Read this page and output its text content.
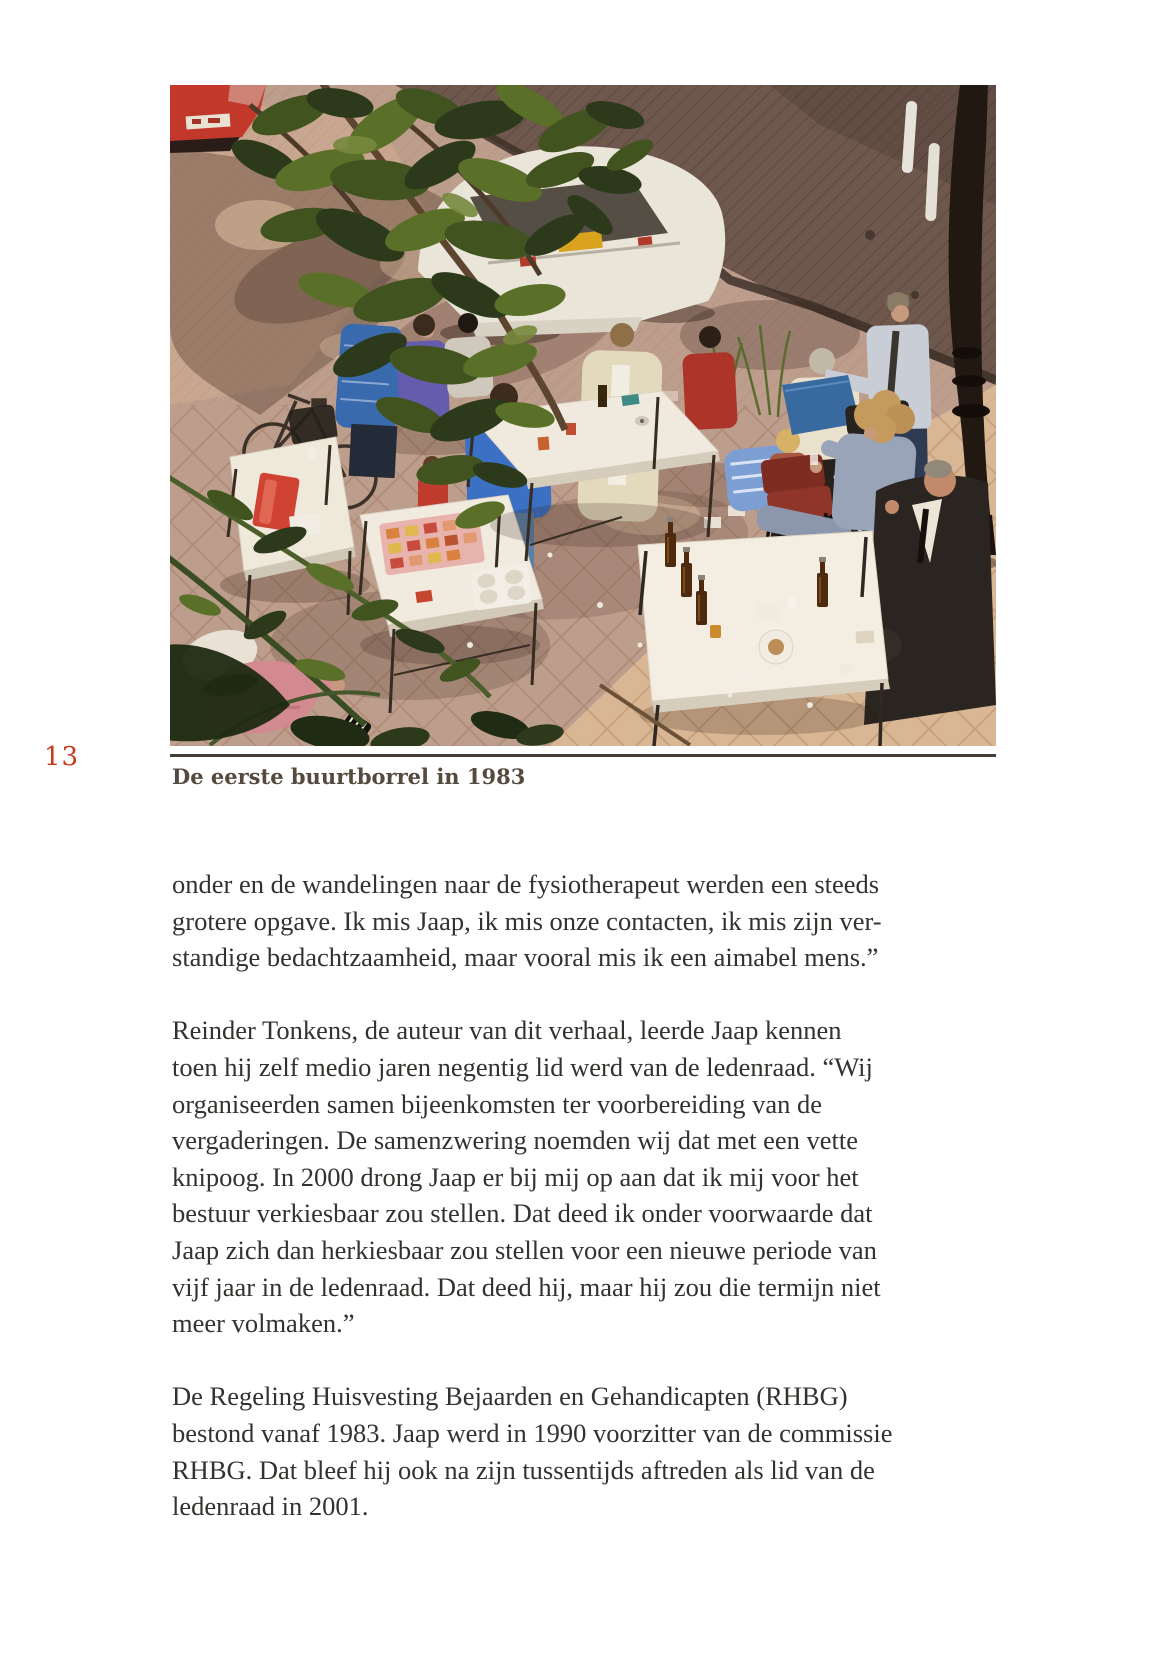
13
De eerste buurtborrel in 1983

onder en de wandelingen naar de fysiotherapeut werden een steeds
grotere opgave. Ik mis Jaap, ik mis onze contacten, ik mis zijn ver-
standige bedachtzaamheid, maar vooral mis ik een aimabel mens.”

Reinder Tonkens, de auteur van dit verhaal, leerde Jaap kennen
toen hij zelf medio jaren negentig lid werd van de ledenraad. “Wij
organiseerden samen bijeenkomsten ter voorbereiding van de
vergaderingen. De samenzwering noemden wij dat met een vette
knipoog. In 2000 drong Jaap er bij mij op aan dat ik mij voor het
bestuur verkiesbaar zou stellen. Dat deed ik onder voorwaarde dat
Jaap zich dan herkiesbaar zou stellen voor een nieuwe periode van
vijf jaar in de ledenraad. Dat deed hij, maar hij zou die termijn niet
meer volmaken.”

De Regeling Huisvesting Bejaarden en Gehandicapten (RHBG)
bestond vanaf 1983. Jaap werd in 1990 voorzitter van de commissie
RHBG. Dat bleef hij ook na zijn tussentijds aftreden als lid van de
ledenraad in 2001.
